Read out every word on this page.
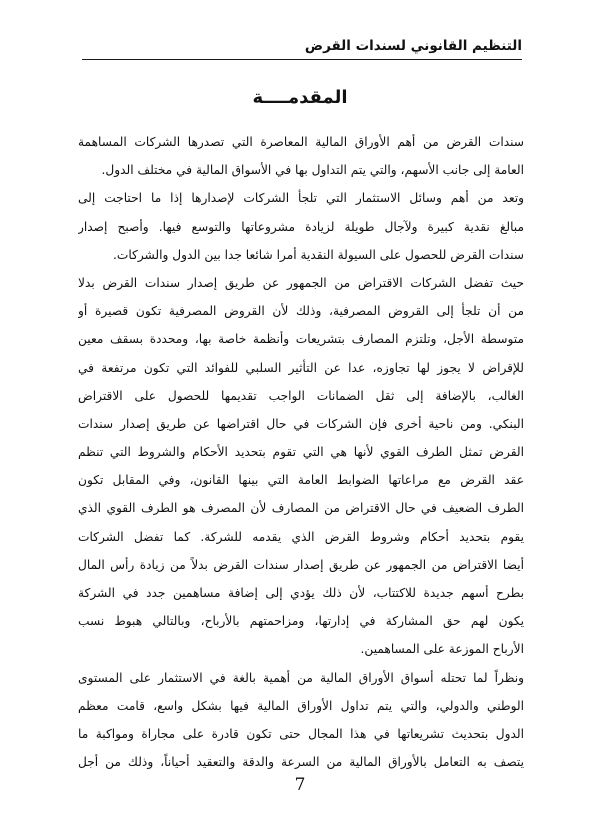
التنظيم القانوني لسندات القرض
المقدمــــة
سندات القرض من أهم الأوراق المالية المعاصرة التي تصدرها الشركات المساهمة
العامة إلى جانب الأسهم، والتي يتم التداول بها في الأسواق المالية في مختلف الدول.
وتعد من أهم وسائل الاستثمار التي تلجأ الشركات لإصدارها إذا ما احتاجت إلى
مبالغ نقدية كبيرة ولآجال طويلة لزيادة مشروعاتها والتوسع فيها. وأصبح إصدار
سندات القرض للحصول على السيولة النقدية أمرا شائعا جدا بين الدول والشركات.
حيث تفضل الشركات الاقتراض من الجمهور عن طريق إصدار سندات القرض بدلا
من أن تلجأ إلى القروض المصرفية، وذلك لأن القروض المصرفية تكون قصيرة أو
متوسطة الأجل، وتلتزم المصارف بتشريعات وأنظمة خاصة بها، ومحددة بسقف معين
للإقراض لا يجوز لها تجاوزه، عدا عن التأثير السلبي للفوائد التي تكون مرتفعة في
الغالب، بالإضافة إلى ثقل الضمانات الواجب تقديمها للحصول على الاقتراض
البنكي. ومن ناحية أخرى فإن الشركات في حال اقتراضها عن طريق إصدار سندات
القرض تمثل الطرف القوي لأنها هي التي تقوم بتحديد الأحكام والشروط التي تنظم
عقد القرض مع مراعاتها الضوابط العامة التي بينها القانون، وفي المقابل تكون
الطرف الضعيف في حال الاقتراض من المصارف لأن المصرف هو الطرف القوي الذي
يقوم بتحديد أحكام وشروط القرض الذي يقدمه للشركة. كما تفضل الشركات
أيضا الاقتراض من الجمهور عن طريق إصدار سندات القرض بدلاً من زيادة رأس المال
بطرح أسهم جديدة للاكتتاب، لأن ذلك يؤدي إلى إضافة مساهمين جدد في الشركة
يكون لهم حق المشاركة في إدارتها، ومزاحمتهم بالأرباح، وبالتالي هبوط نسب
الأرباح الموزعة على المساهمين.
ونظراً لما تحتله أسواق الأوراق المالية من أهمية بالغة في الاستثمار على المستوى
الوطني والدولي، والتي يتم تداول الأوراق المالية فيها بشكل واسع، قامت معظم
الدول بتحديث تشريعاتها في هذا المجال حتى تكون قادرة على مجاراة ومواكبة ما
يتصف به التعامل بالأوراق المالية من السرعة والدقة والتعقيد أحياناً، وذلك من أجل
7
